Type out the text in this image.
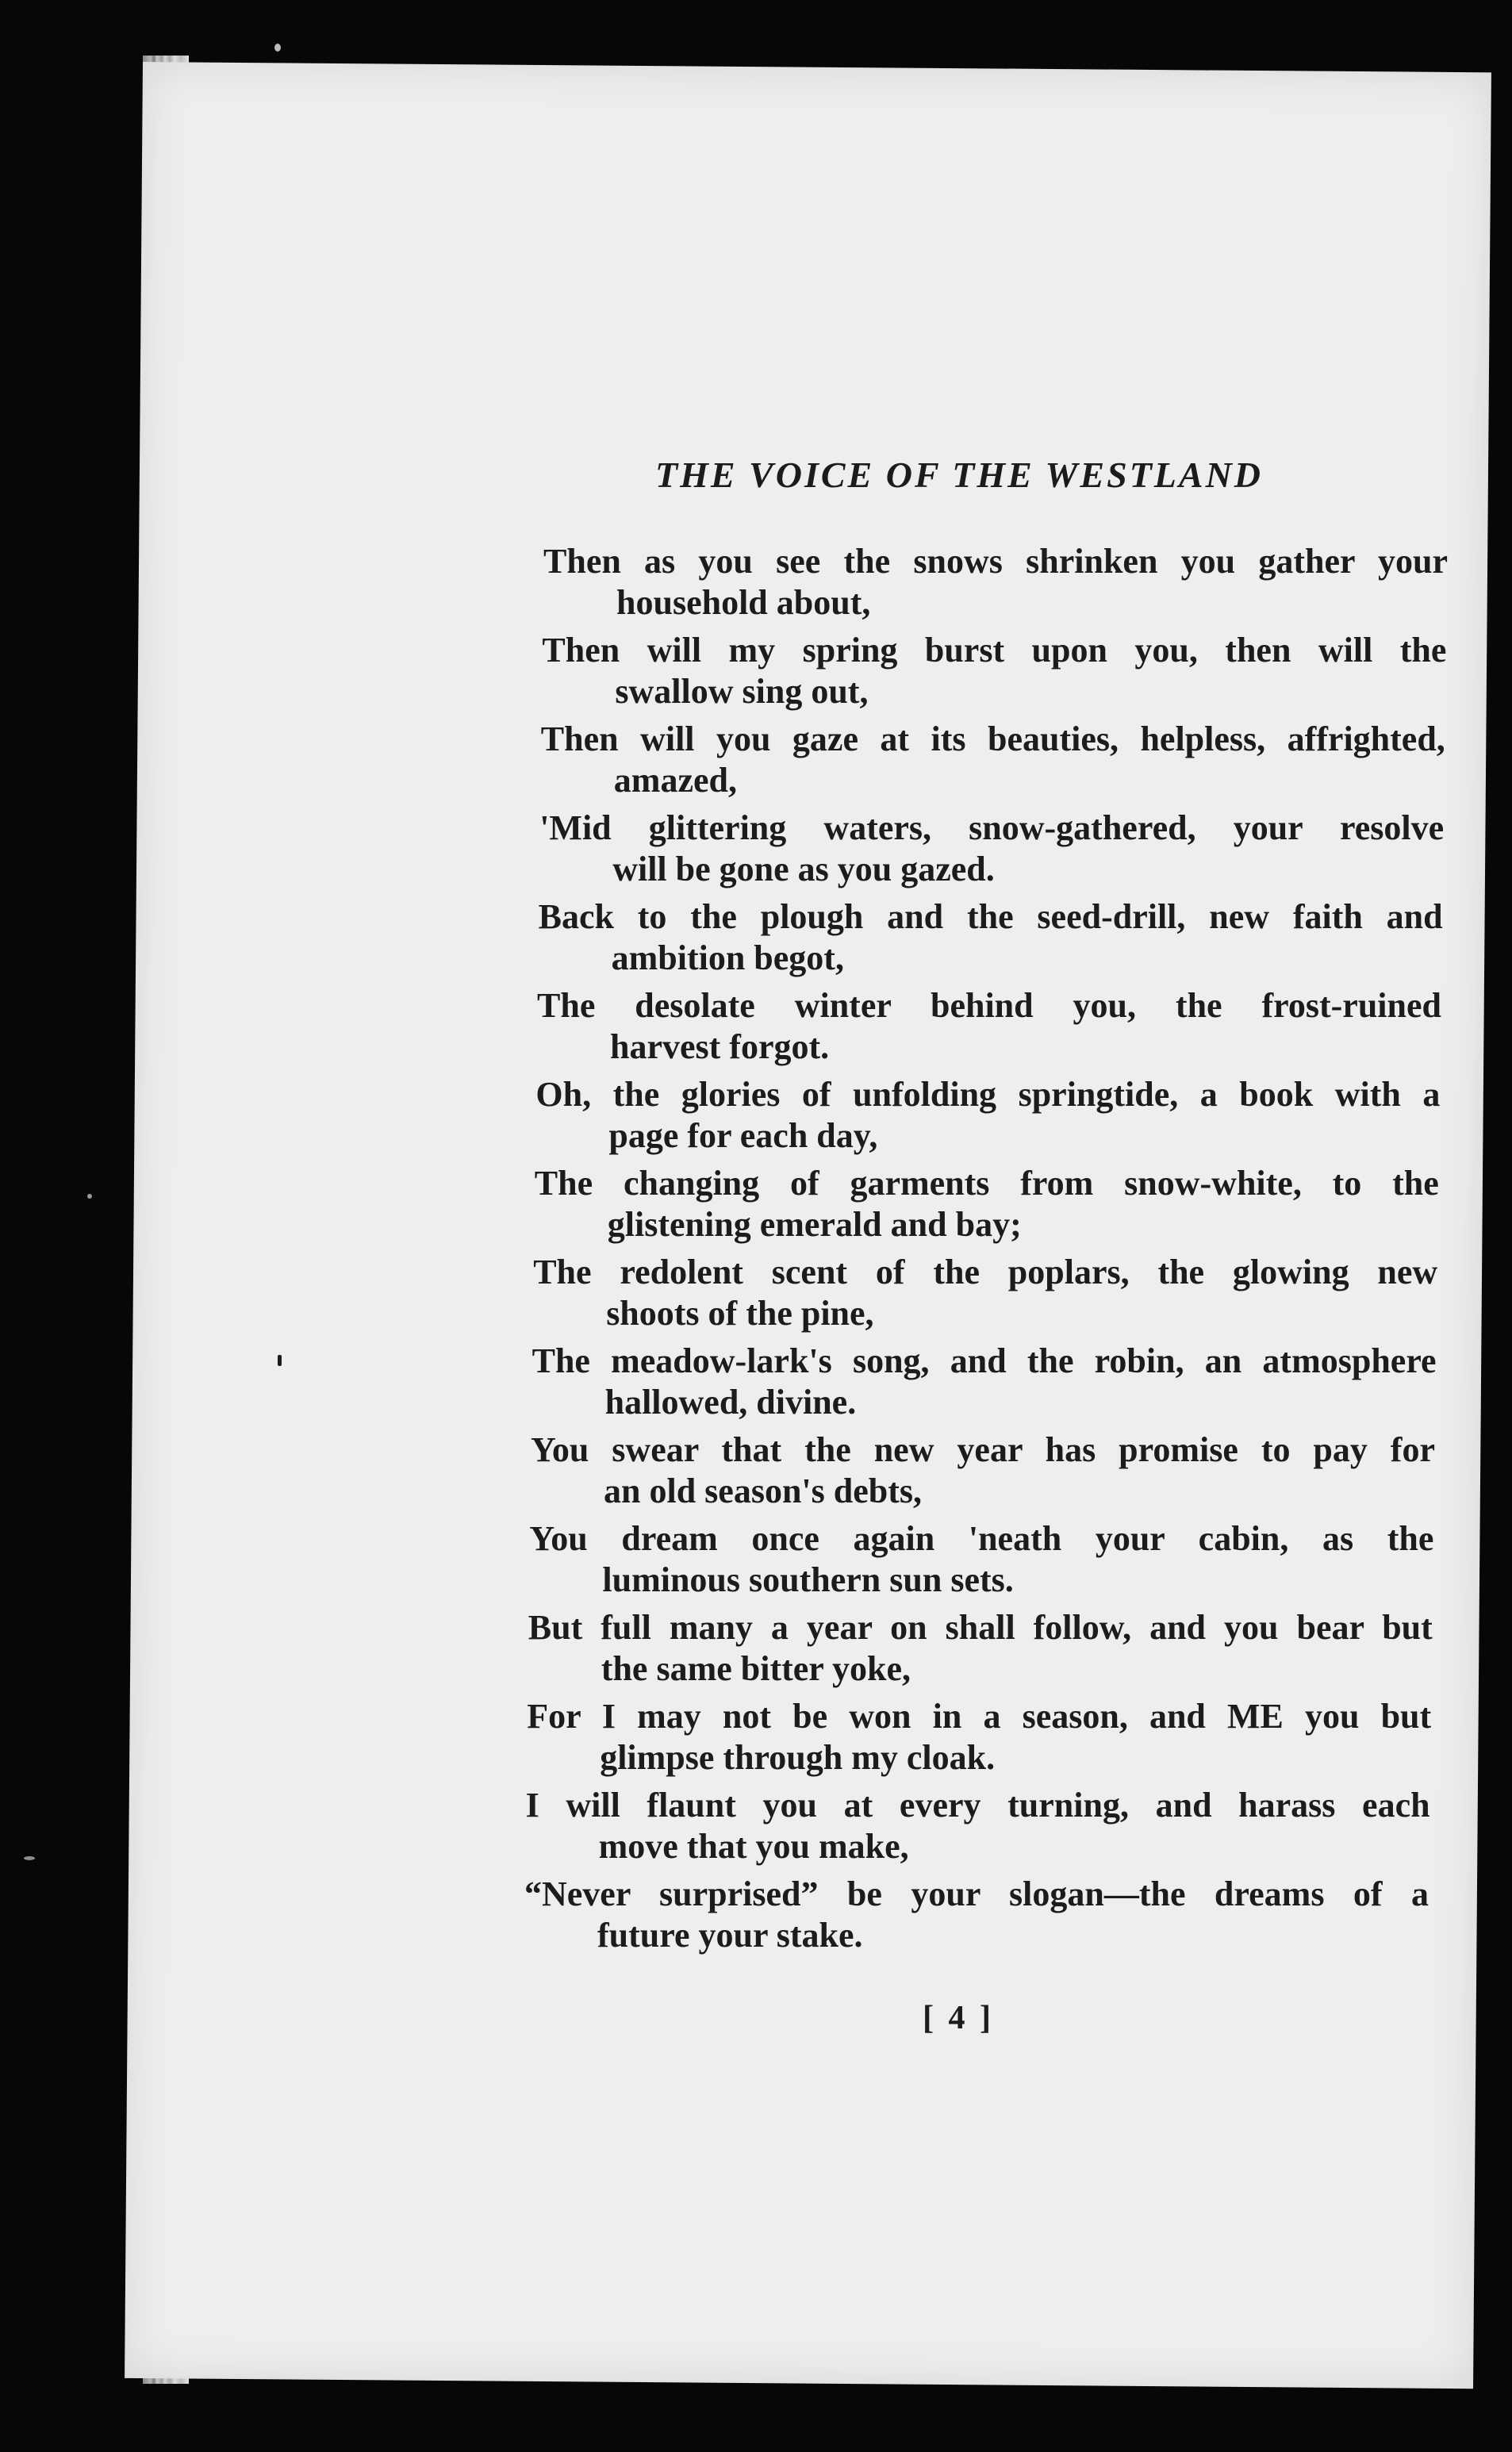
THE VOICE OF THE WESTLAND
Then as you see the snows shrinken you gather your
household about,
Then will my spring burst upon you, then will the
swallow sing out,
Then will you gaze at its beauties, helpless, affrighted,
amazed,
'Mid glittering waters, snow-gathered, your resolve
will be gone as you gazed.
Back to the plough and the seed-drill, new faith and
ambition begot,
The desolate winter behind you, the frost-ruined
harvest forgot.
Oh, the glories of unfolding springtide, a book with a
page for each day,
The changing of garments from snow-white, to the
glistening emerald and bay;
The redolent scent of the poplars, the glowing new
shoots of the pine,
The meadow-lark's song, and the robin, an atmosphere
hallowed, divine.
You swear that the new year has promise to pay for
an old season's debts,
You dream once again 'neath your cabin, as the
luminous southern sun sets.
But full many a year on shall follow, and you bear but
the same bitter yoke,
For I may not be won in a season, and ME you but
glimpse through my cloak.
I will flaunt you at every turning, and harass each
move that you make,
“Never surprised” be your slogan—the dreams of a
future your stake.
[ 4 ]
